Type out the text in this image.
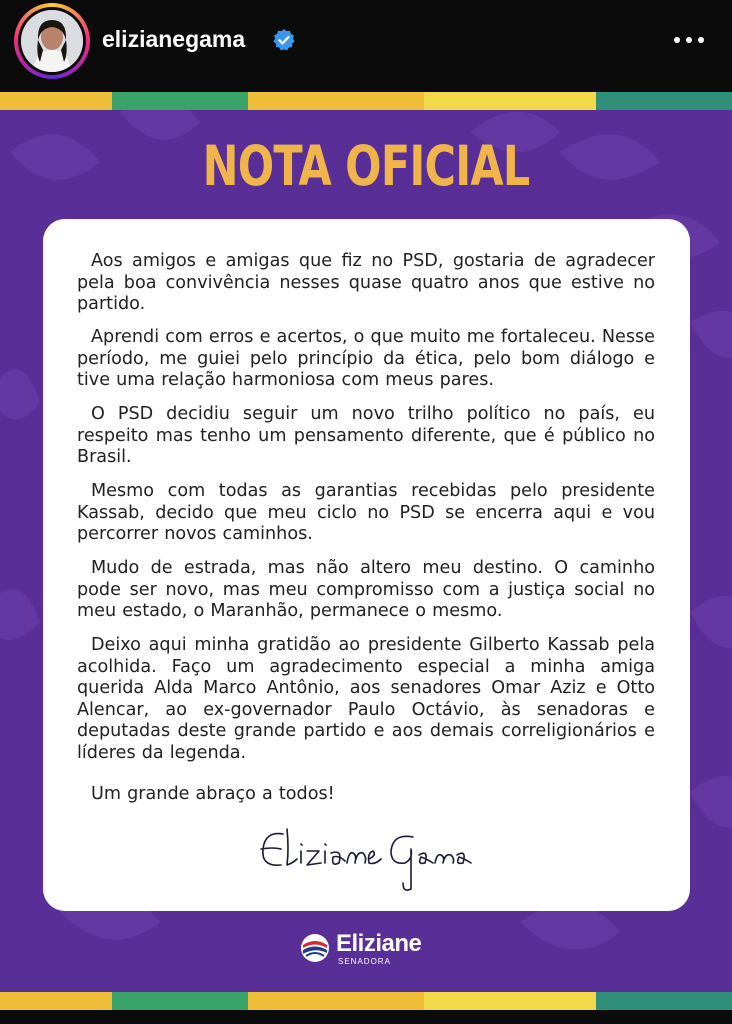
elizianegama
NOTA OFICIAL

Aos amigos e amigas que fiz no PSD, gostaria de agradecer pela boa convivência nesses quase quatro anos que estive no partido.

Aprendi com erros e acertos, o que muito me fortaleceu. Nesse período, me guiei pelo princípio da ética, pelo bom diálogo e tive uma relação harmoniosa com meus pares.

O PSD decidiu seguir um novo trilho político no país, eu respeito mas tenho um pensamento diferente, que é público no Brasil.

Mesmo com todas as garantias recebidas pelo presidente Kassab, decido que meu ciclo no PSD se encerra aqui e vou percorrer novos caminhos.

Mudo de estrada, mas não altero meu destino. O caminho pode ser novo, mas meu compromisso com a justiça social no meu estado, o Maranhão, permanece o mesmo.

Deixo aqui minha gratidão ao presidente Gilberto Kassab pela acolhida. Faço um agradecimento especial a minha amiga querida Alda Marco Antônio, aos senadores Omar Aziz e Otto Alencar, ao ex-governador Paulo Octávio, às senadoras e deputadas deste grande partido e aos demais correligionários e líderes da legenda.

Um grande abraço a todos!

Eliziane
SENADORA
